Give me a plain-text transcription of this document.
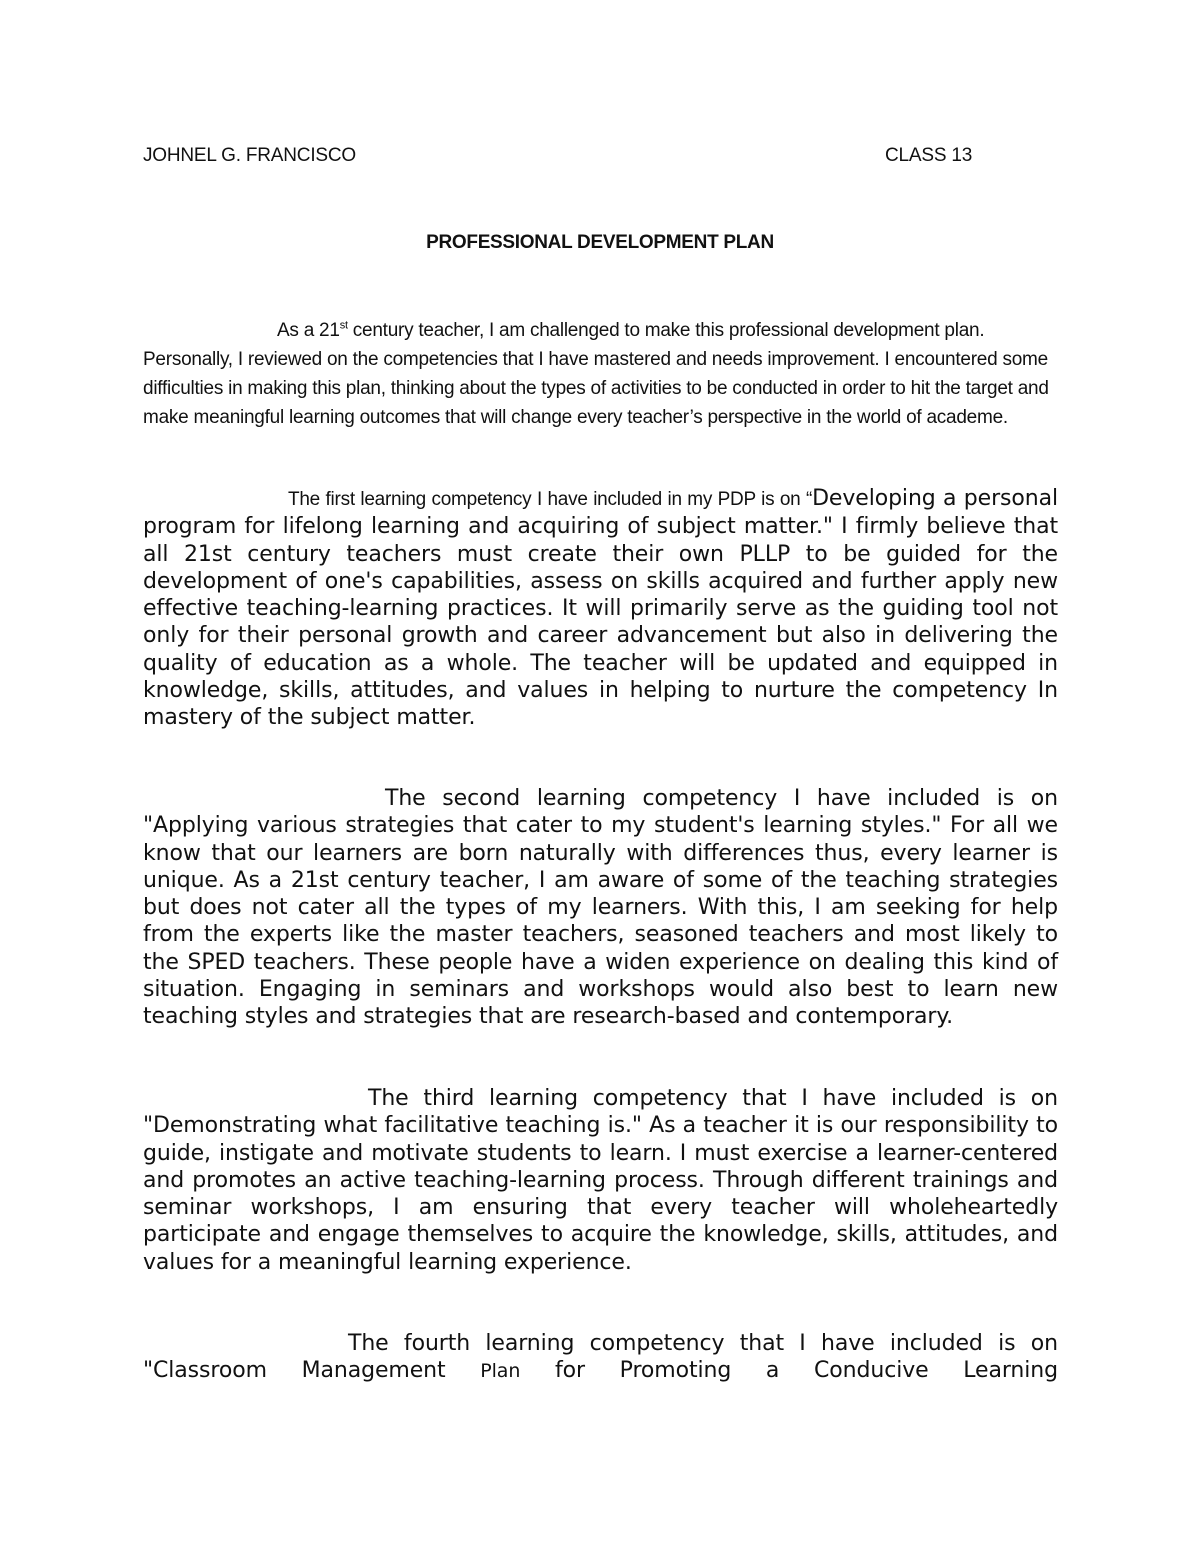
JOHNEL G. FRANCISCO	CLASS 13
PROFESSIONAL DEVELOPMENT PLAN

As a 21st century teacher, I am challenged to make this professional development plan. Personally, I reviewed on the competencies that I have mastered and needs improvement. I encountered some difficulties in making this plan, thinking about the types of activities to be conducted in order to hit the target and make meaningful learning outcomes that will change every teacher’s perspective in the world of academe.

The first learning competency I have included in my PDP is on “Developing a personal program for lifelong learning and acquiring of subject matter." I firmly believe that all 21st century teachers must create their own PLLP to be guided for the development of one's capabilities, assess on skills acquired and further apply new effective teaching-learning practices. It will primarily serve as the guiding tool not only for their personal growth and career advancement but also in delivering the quality of education as a whole. The teacher will be updated and equipped in knowledge, skills, attitudes, and values in helping to nurture the competency In mastery of the subject matter.

The second learning competency I have included is on "Applying various strategies that cater to my student's learning styles." For all we know that our learners are born naturally with differences thus, every learner is unique. As a 21st century teacher, I am aware of some of the teaching strategies but does not cater all the types of my learners. With this, I am seeking for help from the experts like the master teachers, seasoned teachers and most likely to the SPED teachers. These people have a widen experience on dealing this kind of situation. Engaging in seminars and workshops would also best to learn new teaching styles and strategies that are research-based and contemporary.

The third learning competency that I have included is on "Demonstrating what facilitative teaching is." As a teacher it is our responsibility to guide, instigate and motivate students to learn. I must exercise a learner-centered and promotes an active teaching-learning process. Through different trainings and seminar workshops, I am ensuring that every teacher will wholeheartedly participate and engage themselves to acquire the knowledge, skills, attitudes, and values for a meaningful learning experience.

The fourth learning competency that I have included is on "Classroom Management Plan for Promoting a Conducive Learning
